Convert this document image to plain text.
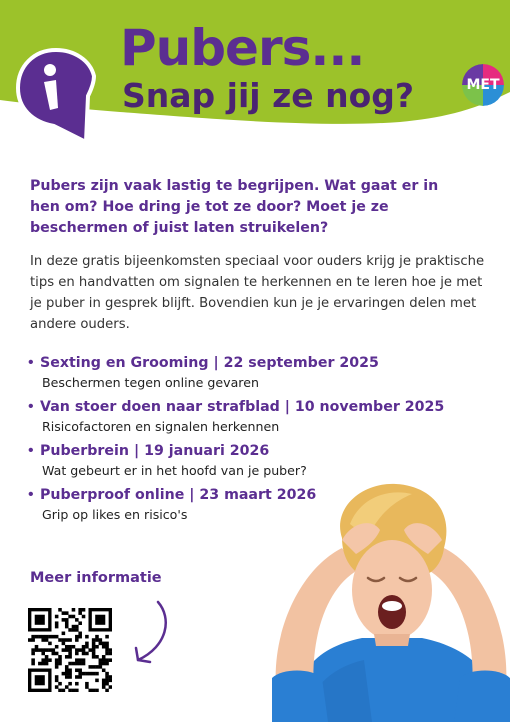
Pubers...
Snap jij ze nog?	MET

Pubers zijn vaak lastig te begrijpen. Wat gaat er in hen om? Hoe dring je tot ze door? Moet je ze beschermen of juist laten struikelen?

In deze gratis bijeenkomsten speciaal voor ouders krijg je praktische tips en handvatten om signalen te herkennen en te leren hoe je met je puber in gesprek blijft. Bovendien kun je je ervaringen delen met andere ouders.

• Sexting en Grooming | 22 september 2025
Beschermen tegen online gevaren
• Van stoer doen naar strafblad | 10 november 2025
Risicofactoren en signalen herkennen
• Puberbrein | 19 januari 2026
Wat gebeurt er in het hoofd van je puber?
• Puberproof online | 23 maart 2026
Grip op likes en risico's

Meer informatie
